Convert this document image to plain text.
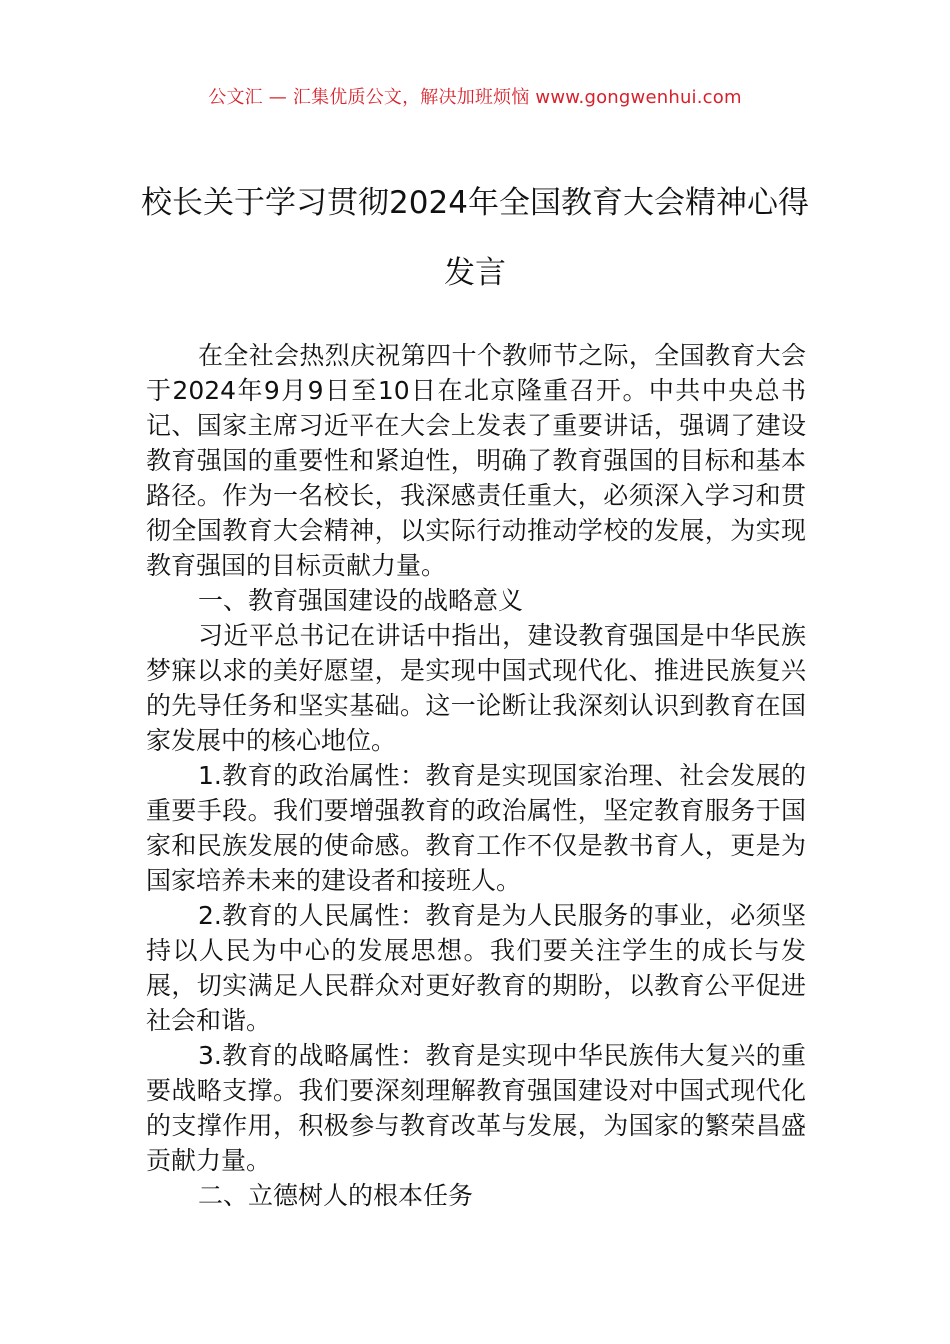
公文汇 — 汇集优质公文，解决加班烦恼 www.gongwenhui.com
校长关于学习贯彻2024年全国教育大会精神心得发言

在全社会热烈庆祝第四十个教师节之际，全国教育大会于2024年9月9日至10日在北京隆重召开。中共中央总书记、国家主席习近平在大会上发表了重要讲话，强调了建设教育强国的重要性和紧迫性，明确了教育强国的目标和基本路径。作为一名校长，我深感责任重大，必须深入学习和贯彻全国教育大会精神，以实际行动推动学校的发展，为实现教育强国的目标贡献力量。

一、教育强国建设的战略意义

习近平总书记在讲话中指出，建设教育强国是中华民族梦寐以求的美好愿望，是实现中国式现代化、推进民族复兴的先导任务和坚实基础。这一论断让我深刻认识到教育在国家发展中的核心地位。

1.教育的政治属性：教育是实现国家治理、社会发展的重要手段。我们要增强教育的政治属性，坚定教育服务于国家和民族发展的使命感。教育工作不仅是教书育人，更是为国家培养未来的建设者和接班人。

2.教育的人民属性：教育是为人民服务的事业，必须坚持以人民为中心的发展思想。我们要关注学生的成长与发展，切实满足人民群众对更好教育的期盼，以教育公平促进社会和谐。

3.教育的战略属性：教育是实现中华民族伟大复兴的重要战略支撑。我们要深刻理解教育强国建设对中国式现代化的支撑作用，积极参与教育改革与发展，为国家的繁荣昌盛贡献力量。

二、立德树人的根本任务
